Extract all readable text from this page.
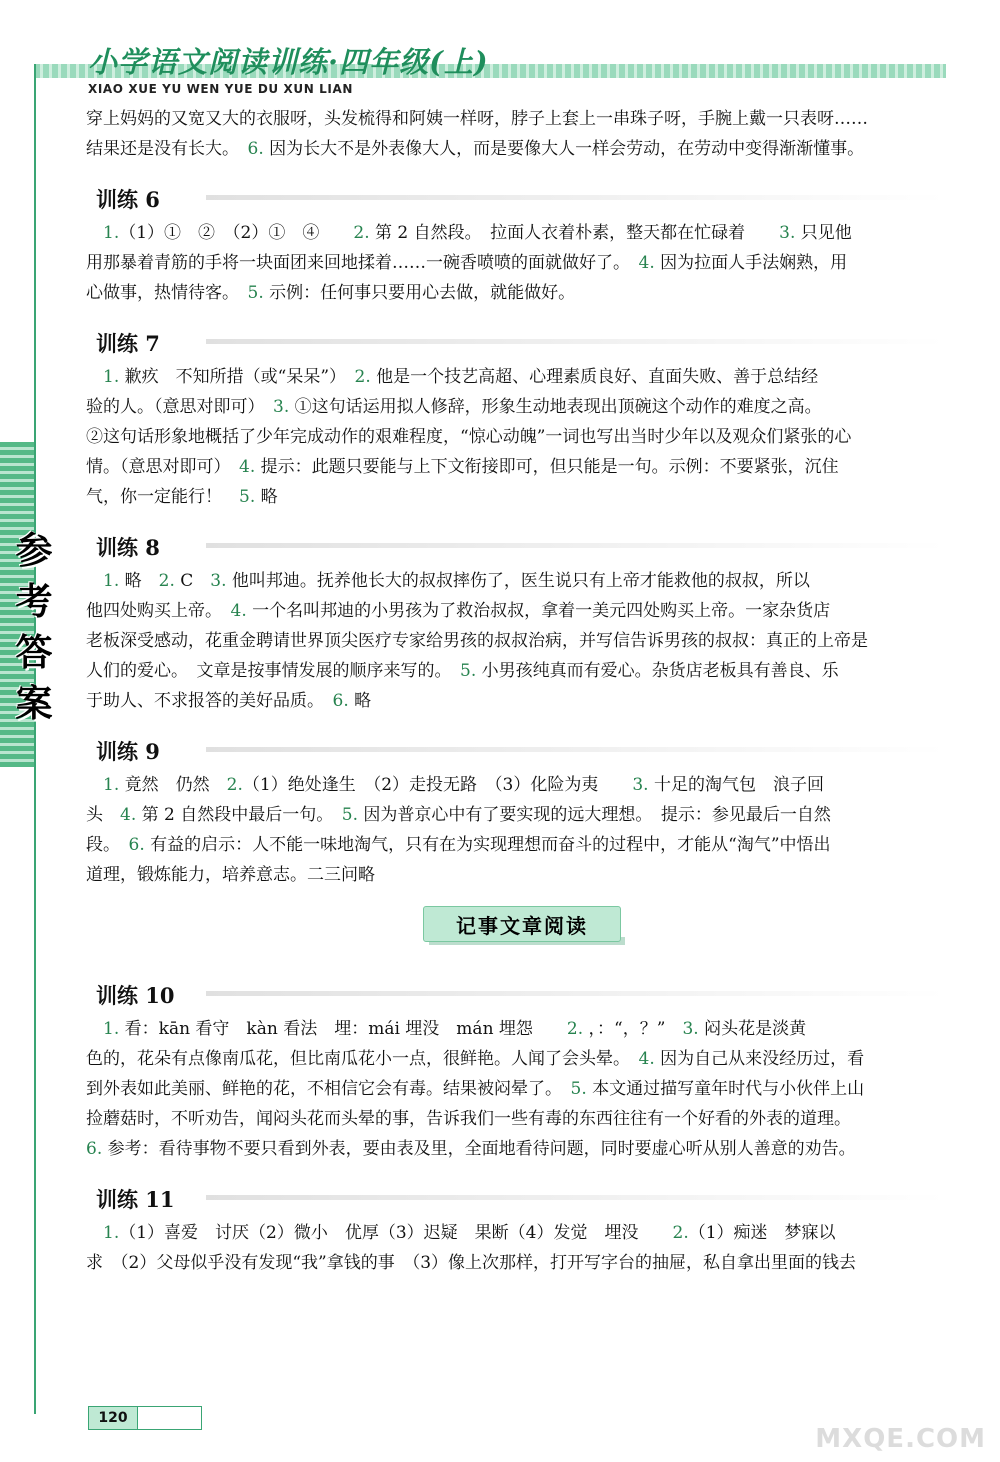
小学语文阅读训练·四年级(上)
XIAO XUE YU WEN YUE DU XUN LIAN
参
考
答
案

穿上妈妈的又宽又大的衣服呀，头发梳得和阿姨一样呀，脖子上套上一串珠子呀，手腕上戴一只表呀……

结果还是没有长大。　6. 因为长大不是外表像大人，而是要像大人一样会劳动，在劳动中变得渐渐懂事。

训练 6

　1.（1）①　②　（2）①　④　　2. 第 2 自然段。　拉面人衣着朴素，整天都在忙碌着　　3. 只见他

用那暴着青筋的手将一块面团来回地揉着……一碗香喷喷的面就做好了。　4. 因为拉面人手法娴熟，用

心做事，热情待客。　5. 示例：任何事只要用心去做，就能做好。

训练 7

　1. 歉疚　不知所措（或“呆呆”）　2. 他是一个技艺高超、心理素质良好、直面失败、善于总结经

验的人。（意思对即可）　3. ①这句话运用拟人修辞，形象生动地表现出顶碗这个动作的难度之高。

②这句话形象地概括了少年完成动作的艰难程度，“惊心动魄”一词也写出当时少年以及观众们紧张的心

情。（意思对即可）　4. 提示：此题只要能与上下文衔接即可，但只能是一句。示例：不要紧张，沉住

气，你一定能行！　5. 略

训练 8

　1. 略　2. C　3. 他叫邦迪。抚养他长大的叔叔摔伤了，医生说只有上帝才能救他的叔叔，所以

他四处购买上帝。　4. 一个名叫邦迪的小男孩为了救治叔叔，拿着一美元四处购买上帝。一家杂货店

老板深受感动，花重金聘请世界顶尖医疗专家给男孩的叔叔治病，并写信告诉男孩的叔叔：真正的上帝是

人们的爱心。　文章是按事情发展的顺序来写的。　5. 小男孩纯真而有爱心。杂货店老板具有善良、乐

于助人、不求报答的美好品质。　6. 略

训练 9

　1. 竟然　仍然　2.（1）绝处逢生　（2）走投无路　（3）化险为夷　　3. 十足的淘气包　浪子回

头　4. 第 2 自然段中最后一句。　5. 因为普京心中有了要实现的远大理想。　提示：参见最后一自然

段。　6. 有益的启示：人不能一味地淘气，只有在为实现理想而奋斗的过程中，才能从“淘气”中悟出

道理，锻炼能力，培养意志。二三问略

记事文章阅读
训练 10

　1. 看：kān 看守　kàn 看法　埋：mái 埋没　mán 埋怨　　2. ，：“，？”　3. 闷头花是淡黄

色的，花朵有点像南瓜花，但比南瓜花小一点，很鲜艳。人闻了会头晕。　4. 因为自己从来没经历过，看

到外表如此美丽、鲜艳的花，不相信它会有毒。结果被闷晕了。　5. 本文通过描写童年时代与小伙伴上山

捡蘑菇时，不听劝告，闻闷头花而头晕的事，告诉我们一些有毒的东西往往有一个好看的外表的道理。

6. 参考：看待事物不要只看到外表，要由表及里，全面地看待问题，同时要虚心听从别人善意的劝告。

训练 11

　1.（1）喜爱　讨厌（2）微小　优厚（3）迟疑　果断（4）发觉　埋没　　2.（1）痴迷　梦寐以

求　（2）父母似乎没有发现“我”拿钱的事　（3）像上次那样，打开写字台的抽屉，私自拿出里面的钱去

120
MXQE.COM
